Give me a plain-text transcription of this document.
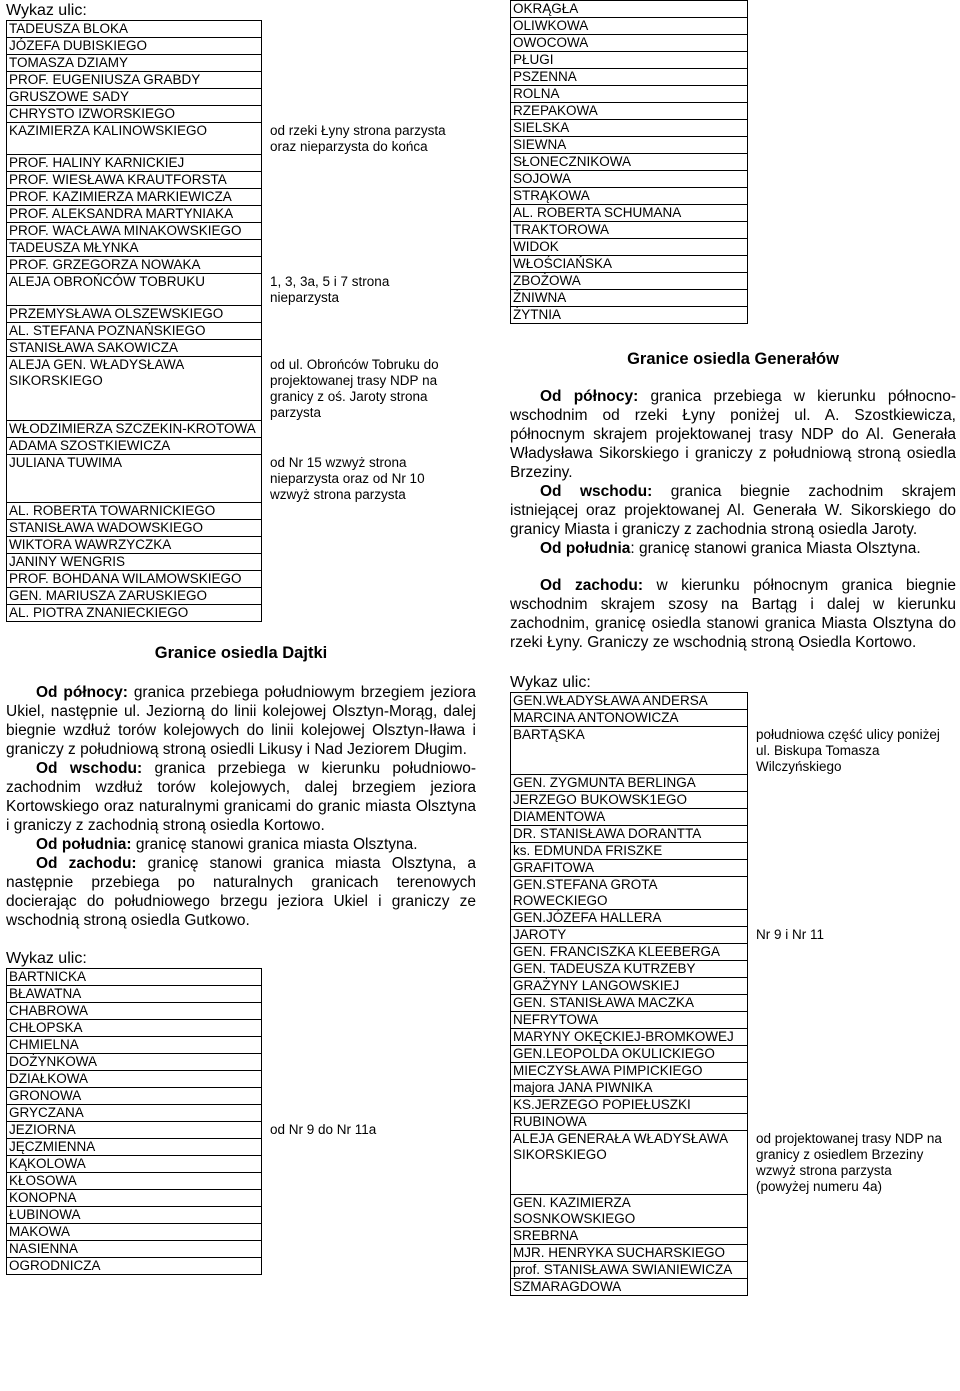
Wykaz ulic:
TADEUSZA BLOKA	
JÓZEFA DUBISKIEGO	
TOMASZA DZIAMY	
PROF. EUGENIUSZA GRABDY	
GRUSZOWE SADY	
CHRYSTO IZWORSKIEGO	
KAZIMIERZA KALINOWSKIEGO	od rzeki Łyny strona parzysta oraz nieparzysta do końca
PROF. HALINY KARNICKIEJ	
PROF. WIESŁAWA KRAUTFORSTA	
PROF. KAZIMIERZA MARKIEWICZA	
PROF. ALEKSANDRA MARTYNIAKA	
PROF. WACŁAWA MINAKOWSKIEGO	
TADEUSZA MŁYNKA	
PROF. GRZEGORZA NOWAKA	
ALEJA OBROŃCÓW TOBRUKU	1, 3, 3a, 5 i 7 strona nieparzysta
PRZEMYSŁAWA OLSZEWSKIEGO	
AL. STEFANA POZNAŃSKIEGO	
STANISŁAWA SAKOWICZA	
ALEJA GEN. WŁADYSŁAWA SIKORSKIEGO	od ul. Obrońców Tobruku do projektowanej trasy NDP na granicy z oś. Jaroty strona parzysta
WŁODZIMIERZA SZCZEKIN-KROTOWA	
ADAMA SZOSTKIEWICZA	
JULIANA TUWIMA	od Nr 15 wzwyż strona nieparzysta oraz od Nr 10 wzwyż strona parzysta
AL. ROBERTA TOWARNICKIEGO	
STANISŁAWA WADOWSKIEGO	
WIKTORA WAWRZYCZKA	
JANINY WENGRIS	
PROF. BOHDANA WILAMOWSKIEGO	
GEN. MARIUSZA ZARUSKIEGO	
AL. PIOTRA ZNANIECKIEGO	
Granice osiedla Dajtki

Od północy: granica przebiega południowym brzegiem jeziora Ukiel, następnie ul. Jeziorną do linii kolejowej Olsztyn-Morąg, dalej biegnie wzdłuż torów kolejowych do linii kolejowej Olsztyn-Iława i graniczy z południową stroną osiedli Likusy i Nad Jeziorem Długim.

Od wschodu: granica przebiega w kierunku południowo-zachodnim wzdłuż torów kolejowych, dalej brzegiem jeziora Kortowskiego oraz naturalnymi granicami do granic miasta Olsztyna i graniczy z zachodnią stroną osiedla Kortowo.

Od południa: granicę stanowi granica miasta Olsztyna.

Od zachodu: granicę stanowi granica miasta Olsztyna, a następnie przebiega po naturalnych granicach terenowych docierając do południowego brzegu jeziora Ukiel i graniczy ze wschodnią stroną osiedla Gutkowo.

Wykaz ulic:
BARTNICKA	
BŁAWATNA	
CHABROWA	
CHŁOPSKA	
CHMIELNA	
DOŻYNKOWA	
DZIAŁKOWA	
GRONOWA	
GRYCZANA	
JEZIORNA	od Nr 9 do Nr 11a
JĘCZMIENNA	
KĄKOLOWA	
KŁOSOWA	
KONOPNA	
ŁUBINOWA	
MAKOWA	
NASIENNA	
OGRODNICZA	
OKRĄGŁA
OLIWKOWA
OWOCOWA
PŁUGI
PSZENNA
ROLNA
RZEPAKOWA
SIELSKA
SIEWNA
SŁONECZNIKOWA
SOJOWA
STRĄKOWA
AL. ROBERTA SCHUMANA
TRAKTOROWA
WIDOK
WŁOŚCIAŃSKA
ZBOŻOWA
ŻNIWNA
ŻYTNIA
Granice osiedla Generałów

Od północy: granica przebiega w kierunku północno-wschodnim od rzeki Łyny poniżej ul. A. Szostkiewicza, północnym skrajem projektowanej trasy NDP do Al. Generała Władysława Sikorskiego i graniczy z południową stroną osiedla Brzeziny.

Od wschodu: granica biegnie zachodnim skrajem istniejącej oraz projektowanej Al. Generała W. Sikorskiego do granicy Miasta i graniczy z zachodnia stroną osiedla Jaroty.

Od południa: granicę stanowi granica Miasta Olsztyna.

Od zachodu: w kierunku północnym granica biegnie wschodnim skrajem szosy na Bartąg i dalej w kierunku zachodnim, granicę osiedla stanowi granica Miasta Olsztyna do rzeki Łyny. Graniczy ze wschodnią stroną Osiedla Kortowo.

Wykaz ulic:
GEN.WŁADYSŁAWA ANDERSA	
MARCINA ANTONOWICZA	
BARTĄSKA	południowa część ulicy poniżej ul. Biskupa Tomasza Wilczyńskiego
GEN. ZYGMUNTA BERLINGA	
JERZEGO BUKOWSK1EGO	
DIAMENTOWA	
DR. STANISŁAWA DORANTTA	
ks. EDMUNDA FRISZKE	
GRAFITOWA	
GEN.STEFANA GROTA ROWECKIEGO	
GEN.JÓZEFA HALLERA	
JAROTY	Nr 9 i Nr 11
GEN. FRANCISZKA KLEEBERGA	
GEN. TADEUSZA KUTRZEBY	
GRAŻYNY LANGOWSKIEJ	
GEN. STANISŁAWA MACZKA	
NEFRYTOWA	
MARYNY OKĘCKIEJ-BROMKOWEJ	
GEN.LEOPOLDA OKULICKIEGO	
MIECZYSŁAWA PIMPICKIEGO	
majora JANA PIWNIKA	
KS.JERZEGO POPIEŁUSZKI	
RUBINOWA	
ALEJA GENERAŁA WŁADYSŁAWA SIKORSKIEGO	od projektowanej trasy NDP na granicy z osiedlem Brzeziny wzwyż strona parzysta (powyżej numeru 4a)
GEN. KAZIMIERZA SOSNKOWSKIEGO	
SREBRNA	
MJR. HENRYKA SUCHARSKIEGO	
prof. STANISŁAWA SWIANIEWICZA	
SZMARAGDOWA	
